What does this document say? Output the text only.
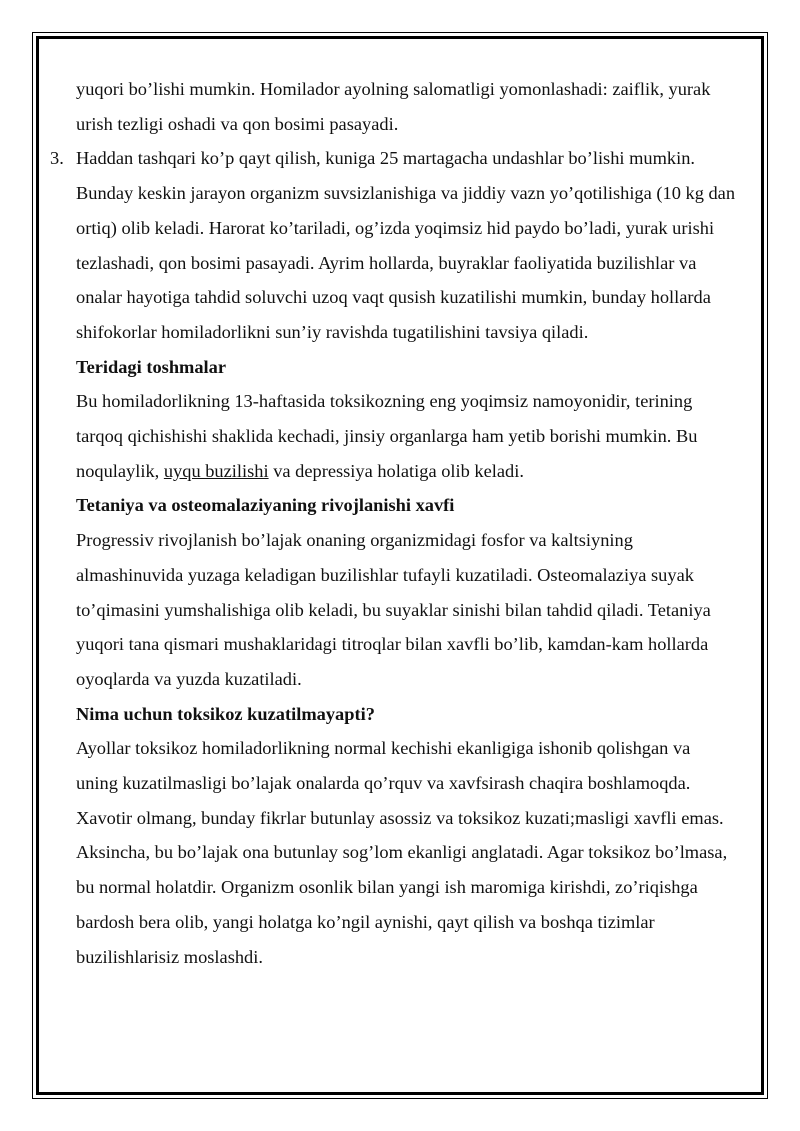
yuqori bo’lishi mumkin. Homilador ayolning salomatligi yomonlashadi: zaiflik, yurak urish tezligi oshadi va qon bosimi pasayadi.

3. Haddan tashqari ko’p qayt qilish, kuniga 25 martagacha undashlar bo’lishi mumkin. Bunday keskin jarayon organizm suvsizlanishiga va jiddiy vazn yo’qotilishiga (10 kg dan ortiq) olib keladi. Harorat ko’tariladi, og’izda yoqimsiz hid paydo bo’ladi, yurak urishi tezlashadi, qon bosimi pasayadi. Ayrim hollarda, buyraklar faoliyatida buzilishlar va onalar hayotiga tahdid soluvchi uzoq vaqt qusish kuzatilishi mumkin, bunday hollarda shifokorlar homiladorlikni sun’iy ravishda tugatilishini tavsiya qiladi.

Teridagi toshmalar

Bu homiladorlikning 13-haftasida toksikozning eng yoqimsiz namoyonidir, terining tarqoq qichishishi shaklida kechadi, jinsiy organlarga ham yetib borishi mumkin. Bu noqulaylik, uyqu buzilishi va depressiya holatiga olib keladi.

Tetaniya va osteomalaziyaning rivojlanishi xavfi

Progressiv rivojlanish bo’lajak onaning organizmidagi fosfor va kaltsiyning almashinuvida yuzaga keladigan buzilishlar tufayli kuzatiladi. Osteomalaziya suyak to’qimasini yumshalishiga olib keladi, bu suyaklar sinishi bilan tahdid qiladi. Tetaniya yuqori tana qismari mushaklaridagi titroqlar bilan xavfli bo’lib, kamdan-kam hollarda oyoqlarda va yuzda kuzatiladi.

Nima uchun toksikoz kuzatilmayapti?

Ayollar toksikoz homiladorlikning normal kechishi ekanligiga ishonib qolishgan va uning kuzatilmasligi bo’lajak onalarda qo’rquv va xavfsirash chaqira boshlamoqda. Xavotir olmang, bunday fikrlar butunlay asossiz va toksikoz kuzati;masligi xavfli emas. Aksincha, bu bo’lajak ona butunlay sog’lom ekanligi anglatadi. Agar toksikoz bo’lmasa, bu normal holatdir. Organizm osonlik bilan yangi ish maromiga kirishdi, zo’riqishga bardosh bera olib, yangi holatga ko’ngil aynishi, qayt qilish va boshqa tizimlar buzilishlarisiz moslashdi.
